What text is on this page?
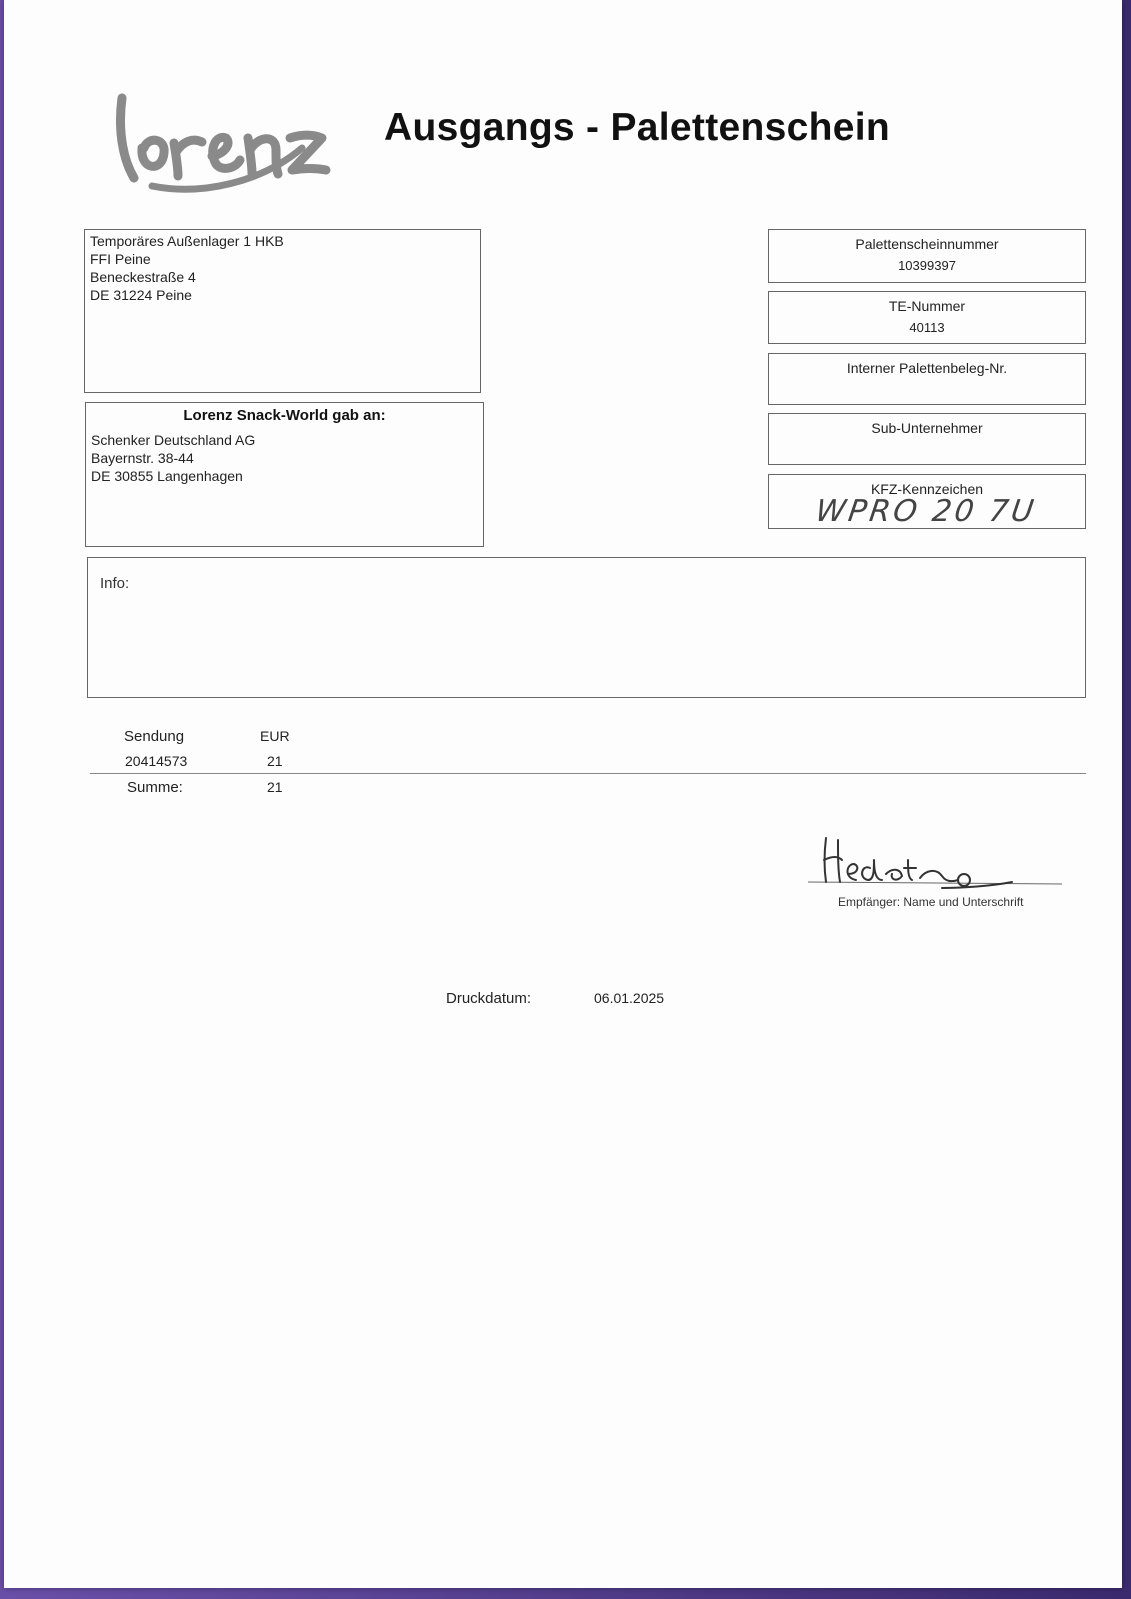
Ausgangs - Palettenschein
Temporäres Außenlager 1 HKB
FFI Peine
Beneckestraße 4
DE 31224 Peine
Lorenz Snack-World gab an:
Schenker Deutschland AG
Bayernstr. 38-44
DE 30855 Langenhagen
Palettenscheinnummer
10399397
TE-Nummer
40113
Interner Palettenbeleg-Nr.
Sub-Unternehmer
KFZ-Kennzeichen
WPRO 20 7U
Info:
Sendung	EUR
20414573	21
Summe:	21
Empfänger: Name und Unterschrift
Druckdatum:	06.01.2025
